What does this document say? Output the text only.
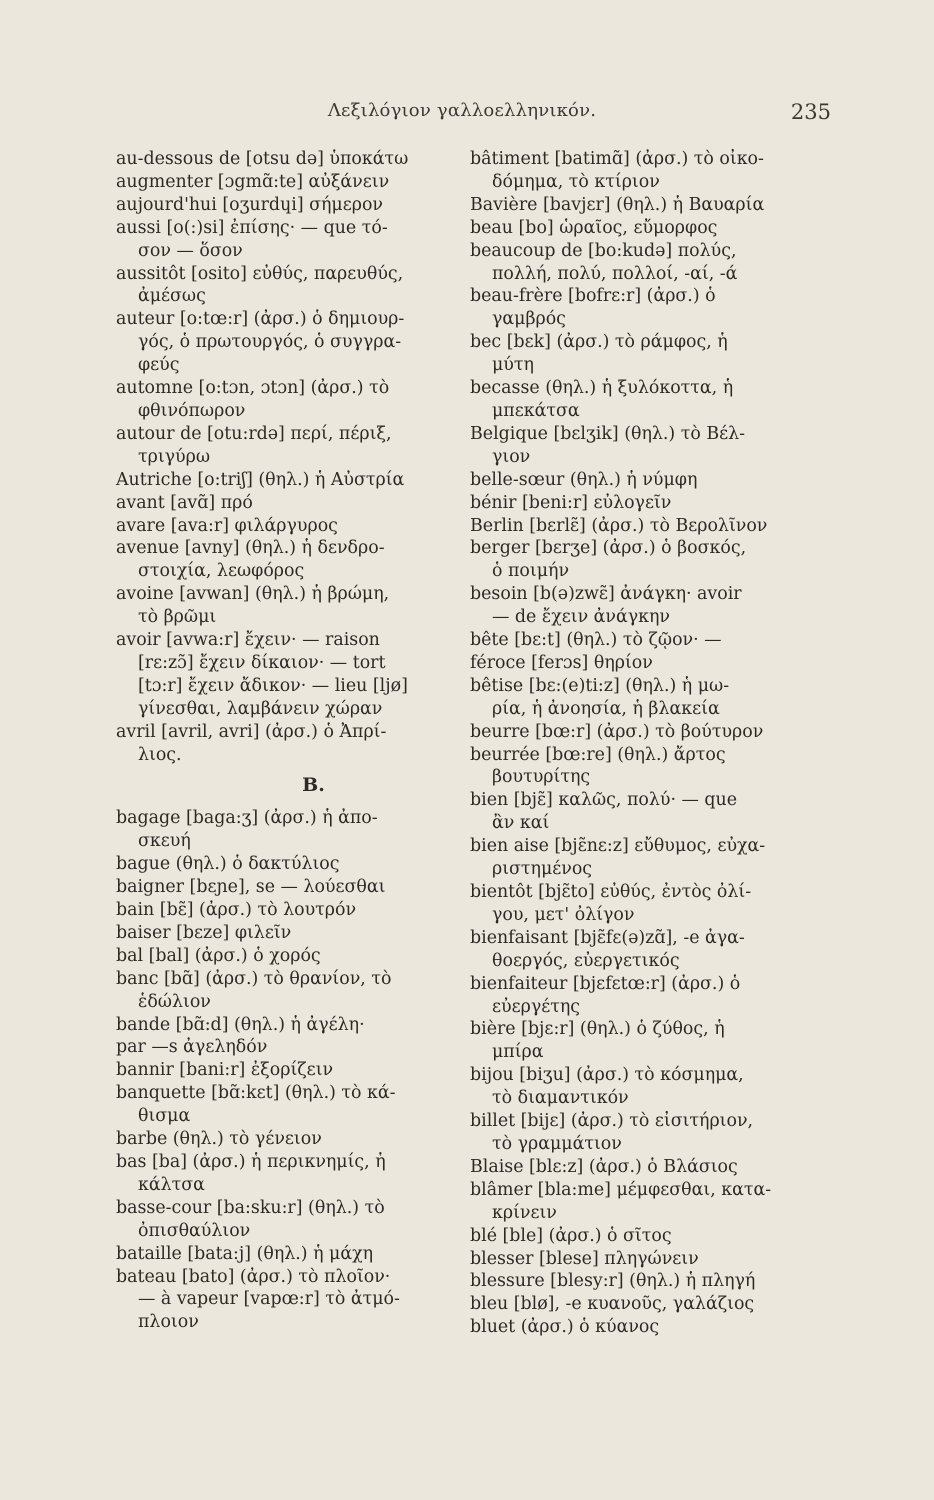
Λεξιλόγιον γαλλοελληνικόν.	235
au-dessous de [otsu də] ὑποκάτω
augmenter [ɔgmɑ̃:te] αὐξάνειν
aujourd'hui [oʒurdɥi] σήμερον
aussi [o(:)si] ἐπίσης· — que τό-
σον — ὅσον
aussitôt [osito] εὐθύς, παρευθύς,
ἀμέσως
auteur [o:tœ:r] (ἀρσ.) ὁ δημιουρ-
γός, ὁ πρωτουργός, ὁ συγγρα-
φεύς
automne [o:tɔn, ɔtɔn] (ἀρσ.) τὸ
φθινόπωρον
autour de [otu:rdə] περί, πέριξ,
τριγύρω
Autriche [o:triʃ] (θηλ.) ἡ Αὐστρία
avant [avɑ̃] πρό
avare [ava:r] φιλάργυρος
avenue [avny] (θηλ.) ἡ δενδρο-
στοιχία, λεωφόρος
avoine [avwan] (θηλ.) ἡ βρώμη,
τὸ βρῶμι
avoir [avwa:r] ἔχειν· — raison
[rɛ:zɔ̃] ἔχειν δίκαιον· — tort
[tɔ:r] ἔχειν ἄδικον· — lieu [ljø]
γίνεσθαι, λαμβάνειν χώραν
avril [avril, avri] (ἀρσ.) ὁ Ἀπρί-
λιος.
B.
bagage [baga:ʒ] (ἀρσ.) ἡ ἀπο-
σκευή
bague (θηλ.) ὁ δακτύλιος
baigner [bɛɲe], se — λούεσθαι
bain [bɛ̃] (ἀρσ.) τὸ λουτρόν
baiser [bɛze] φιλεῖν
bal [bal] (ἀρσ.) ὁ χορός
banc [bɑ̃] (ἀρσ.) τὸ θρανίον, τὸ
ἑδώλιον
bande [bɑ̃:d] (θηλ.) ἡ ἀγέλη·
par —s ἀγεληδόν
bannir [bani:r] ἐξορίζειν
banquette [bɑ̃:kɛt] (θηλ.) τὸ κά-
θισμα
barbe (θηλ.) τὸ γένειον
bas [ba] (ἀρσ.) ἡ περικνημίς, ἡ
κάλτσα
basse-cour [ba:sku:r] (θηλ.) τὸ
ὀπισθαύλιον
bataille [bata:j] (θηλ.) ἡ μάχη
bateau [bato] (ἀρσ.) τὸ πλοῖον·
— à vapeur [vapœ:r] τὸ ἀτμό-
πλοιον
bâtiment [batimɑ̃] (ἀρσ.) τὸ οἰκο-
δόμημα, τὸ κτίριον
Bavière [bavjɛr] (θηλ.) ἡ Βαυαρία
beau [bo] ὡραῖος, εὔμορφος
beaucoup de [bo:kudə] πολύς,
πολλή, πολύ, πολλοί, -αί, -ά
beau-frère [bofrɛ:r] (ἀρσ.) ὁ
γαμβρός
bec [bɛk] (ἀρσ.) τὸ ράμφος, ἡ
μύτη
becasse (θηλ.) ἡ ξυλόκοττα, ἡ
μπεκάτσα
Belgique [bɛlʒik] (θηλ.) τὸ Βέλ-
γιον
belle-sœur (θηλ.) ἡ νύμφη
bénir [beni:r] εὐλογεῖν
Berlin [bɛrlɛ̃] (ἀρσ.) τὸ Βερολῖνον
berger [bɛrʒe] (ἀρσ.) ὁ βοσκός,
ὁ ποιμήν
besoin [b(ə)zwɛ̃] ἀνάγκη· avoir
— de ἔχειν ἀνάγκην
bête [bɛ:t] (θηλ.) τὸ ζῷον· —
féroce [ferɔs] θηρίον
bêtise [bɛ:(e)ti:z] (θηλ.) ἡ μω-
ρία, ἡ ἀνοησία, ἡ βλακεία
beurre [bœ:r] (ἀρσ.) τὸ βούτυρον
beurrée [bœ:re] (θηλ.) ἄρτος
βουτυρίτης
bien [bjɛ̃] καλῶς, πολύ· — que
ἂν καί
bien aise [bjɛ̃nɛ:z] εὔθυμος, εὐχα-
ριστημένος
bientôt [bjɛ̃to] εὐθύς, ἐντὸς ὀλί-
γου, μετ' ὀλίγον
bienfaisant [bjɛ̃fɛ(ə)zɑ̃], -e ἀγα-
θοεργός, εὐεργετικός
bienfaiteur [bjɛfɛtœ:r] (ἀρσ.) ὁ
εὐεργέτης
bière [bjɛ:r] (θηλ.) ὁ ζύθος, ἡ
μπίρα
bijou [biʒu] (ἀρσ.) τὸ κόσμημα,
τὸ διαμαντικόν
billet [bijɛ] (ἀρσ.) τὸ εἰσιτήριον,
τὸ γραμμάτιον
Blaise [blɛ:z] (ἀρσ.) ὁ Βλάσιος
blâmer [bla:me] μέμφεσθαι, κατα-
κρίνειν
blé [ble] (ἀρσ.) ὁ σῖτος
blesser [blese] πληγώνειν
blessure [blesy:r] (θηλ.) ἡ πληγή
bleu [blø], -e κυανοῦς, γαλάζιος
bluet (ἀρσ.) ὁ κύανος
